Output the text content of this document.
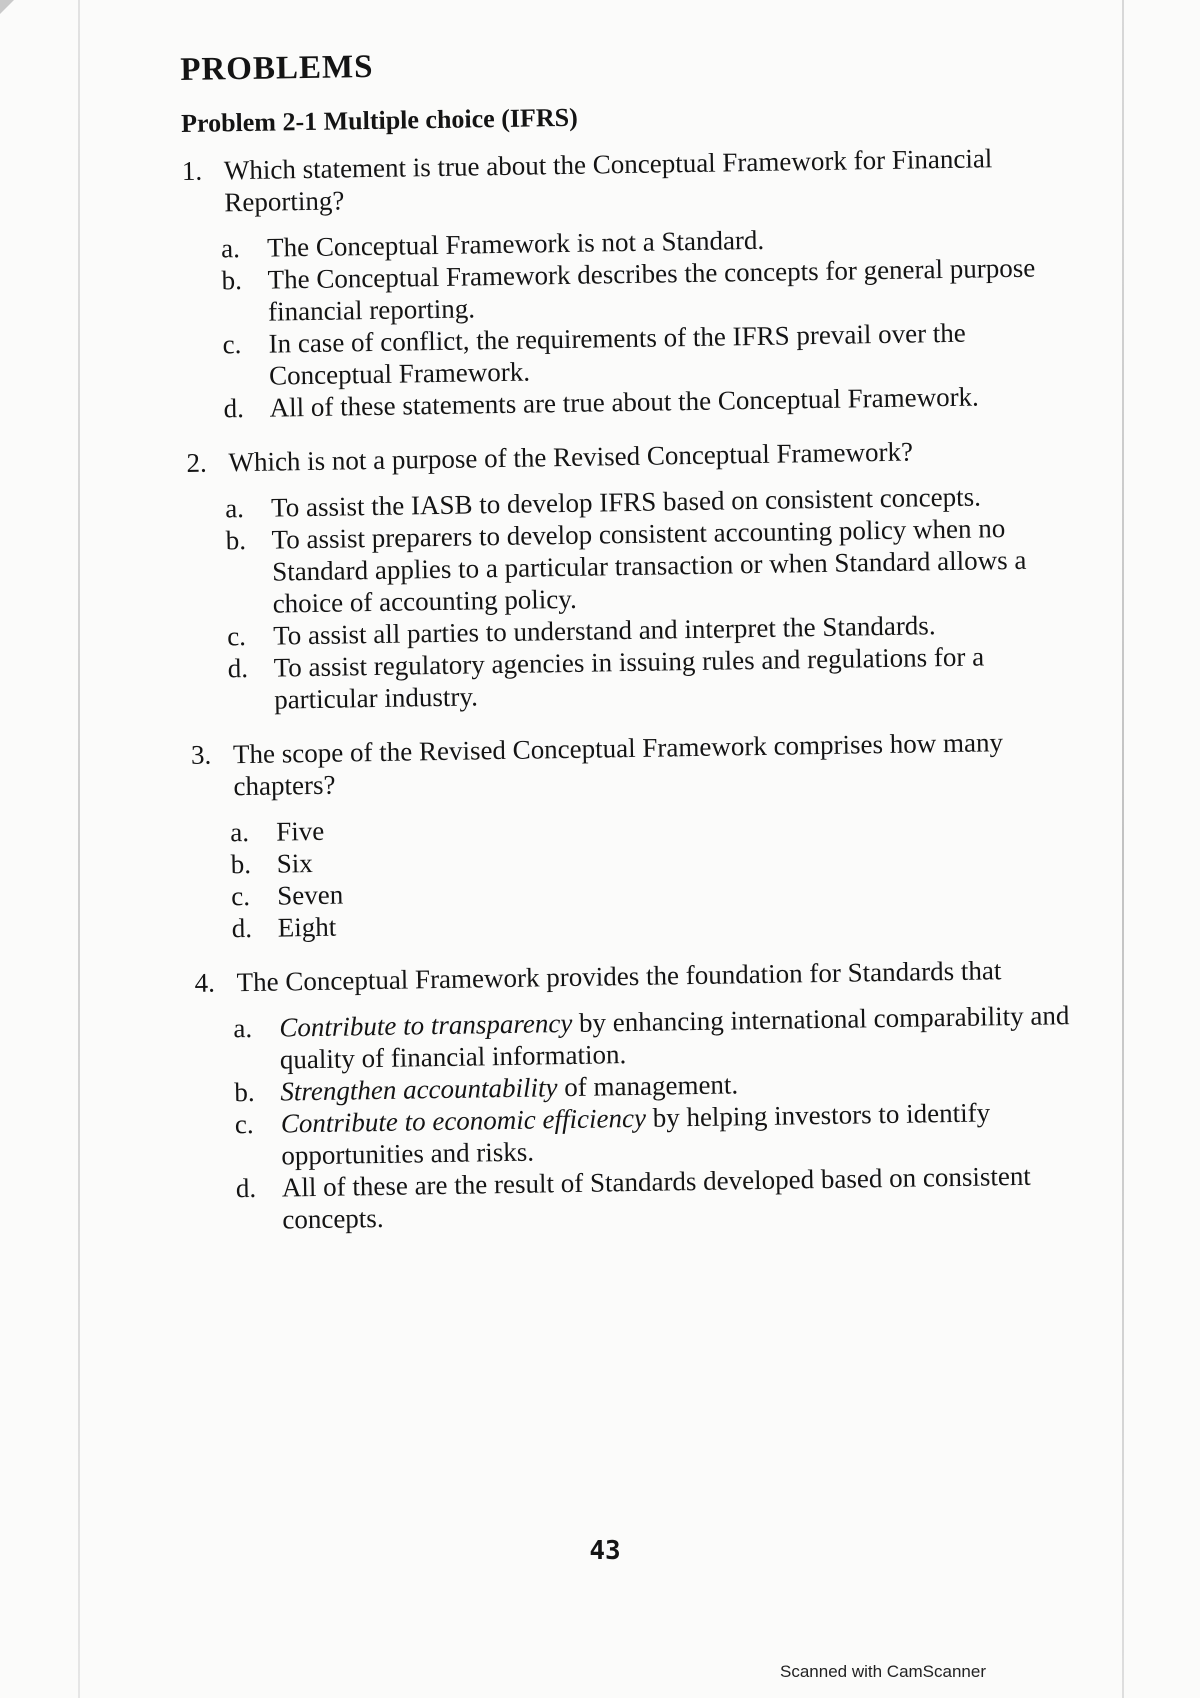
PROBLEMS
Problem 2-1 Multiple choice (IFRS)
1. Which statement is true about the Conceptual Framework for Financial Reporting?
a. The Conceptual Framework is not a Standard.
b. The Conceptual Framework describes the concepts for general purpose financial reporting.
c. In case of conflict, the requirements of the IFRS prevail over the Conceptual Framework.
d. All of these statements are true about the Conceptual Framework.
2. Which is not a purpose of the Revised Conceptual Framework?
a. To assist the IASB to develop IFRS based on consistent concepts.
b. To assist preparers to develop consistent accounting policy when no Standard applies to a particular transaction or when Standard allows a choice of accounting policy.
c. To assist all parties to understand and interpret the Standards.
d. To assist regulatory agencies in issuing rules and regulations for a particular industry.
3. The scope of the Revised Conceptual Framework comprises how many chapters?
a. Five
b. Six
c. Seven
d. Eight
4. The Conceptual Framework provides the foundation for Standards that
a. Contribute to transparency by enhancing international comparability and quality of financial information.
b. Strengthen accountability of management.
c. Contribute to economic efficiency by helping investors to identify opportunities and risks.
d. All of these are the result of Standards developed based on consistent concepts.
43
Scanned with CamScanner
